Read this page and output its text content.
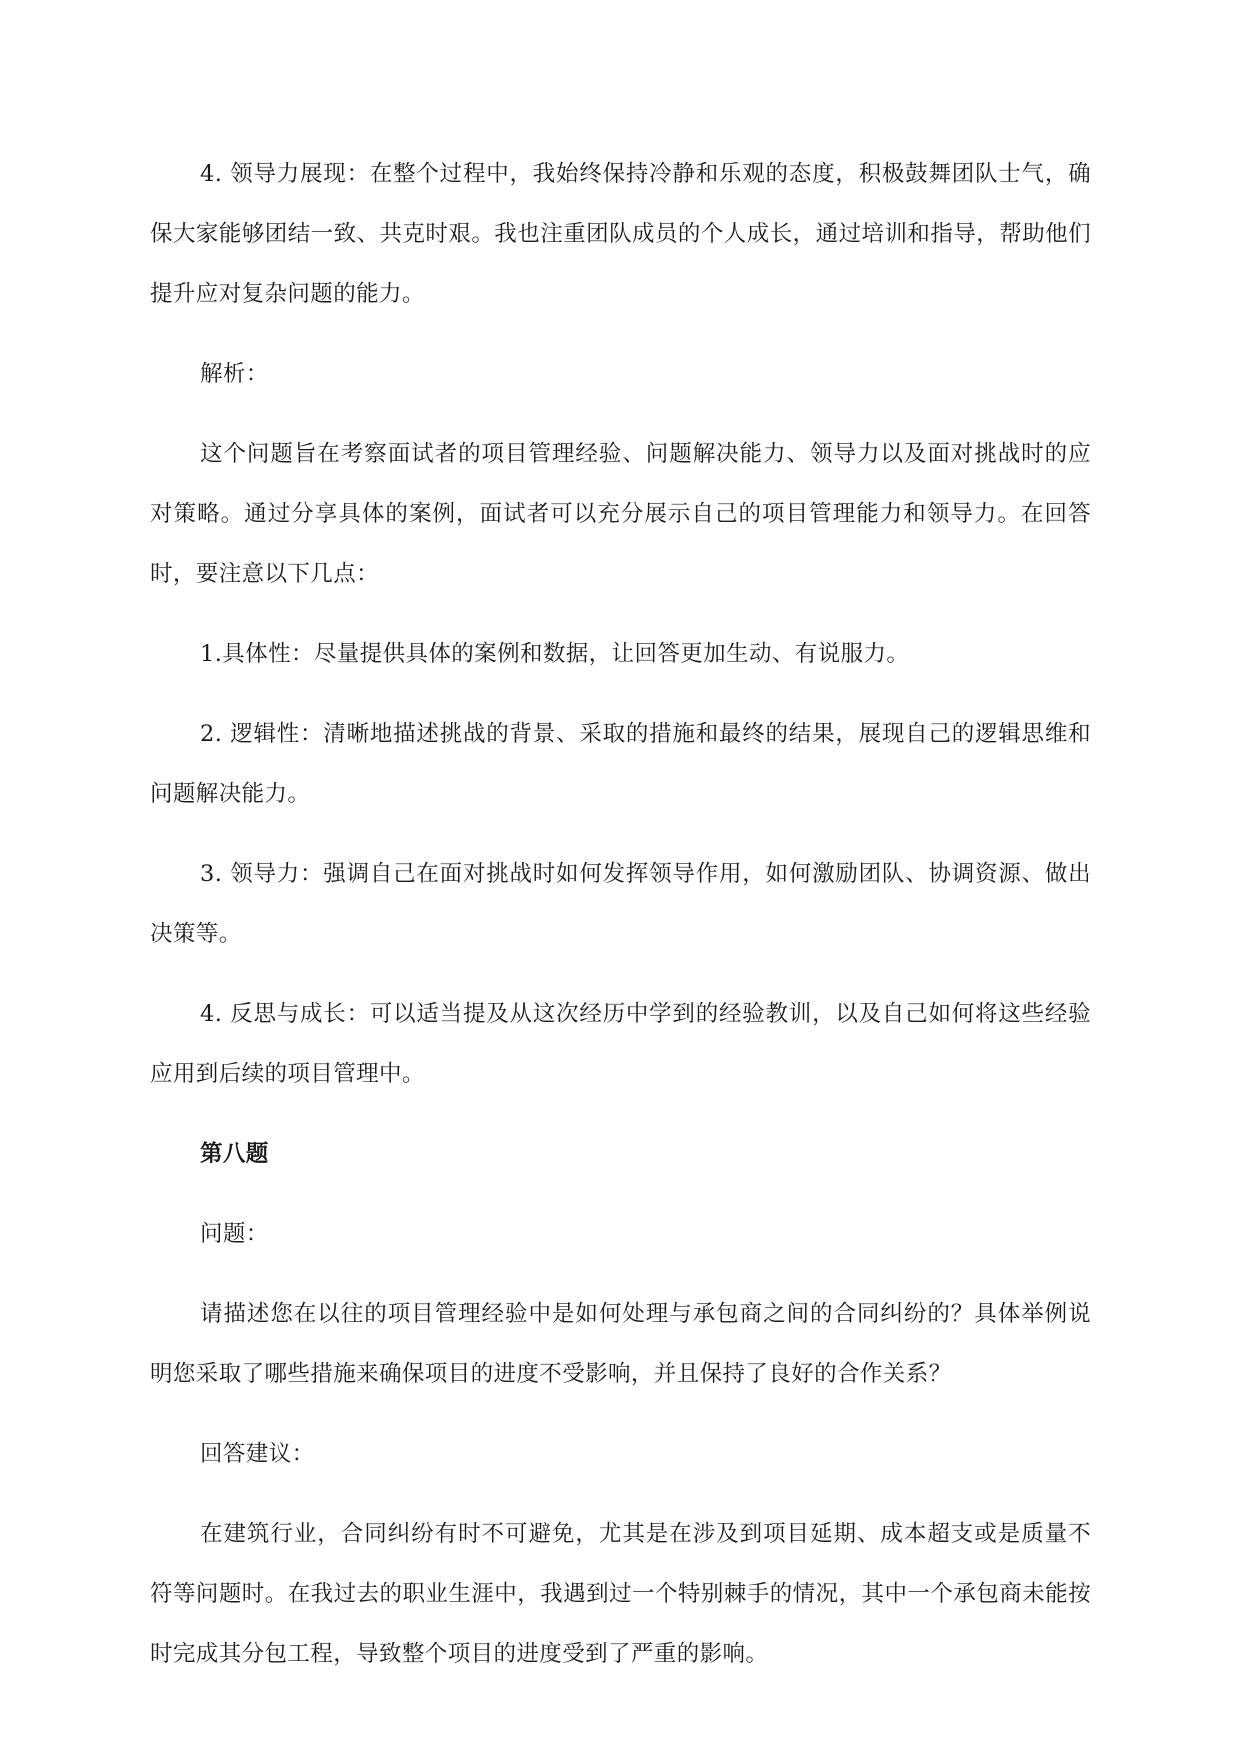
4. 领导力展现：在整个过程中，我始终保持冷静和乐观的态度，积极鼓舞团队士气，确保大家能够团结一致、共克时艰。我也注重团队成员的个人成长，通过培训和指导，帮助他们提升应对复杂问题的能力。

解析：

这个问题旨在考察面试者的项目管理经验、问题解决能力、领导力以及面对挑战时的应对策略。通过分享具体的案例，面试者可以充分展示自己的项目管理能力和领导力。在回答时，要注意以下几点：

1.具体性：尽量提供具体的案例和数据，让回答更加生动、有说服力。

2. 逻辑性：清晰地描述挑战的背景、采取的措施和最终的结果，展现自己的逻辑思维和问题解决能力。

3. 领导力：强调自己在面对挑战时如何发挥领导作用，如何激励团队、协调资源、做出决策等。

4. 反思与成长：可以适当提及从这次经历中学到的经验教训，以及自己如何将这些经验应用到后续的项目管理中。

第八题

问题：

请描述您在以往的项目管理经验中是如何处理与承包商之间的合同纠纷的？具体举例说明您采取了哪些措施来确保项目的进度不受影响，并且保持了良好的合作关系？

回答建议：

在建筑行业，合同纠纷有时不可避免，尤其是在涉及到项目延期、成本超支或是质量不符等问题时。在我过去的职业生涯中，我遇到过一个特别棘手的情况，其中一个承包商未能按时完成其分包工程，导致整个项目的进度受到了严重的影响。
